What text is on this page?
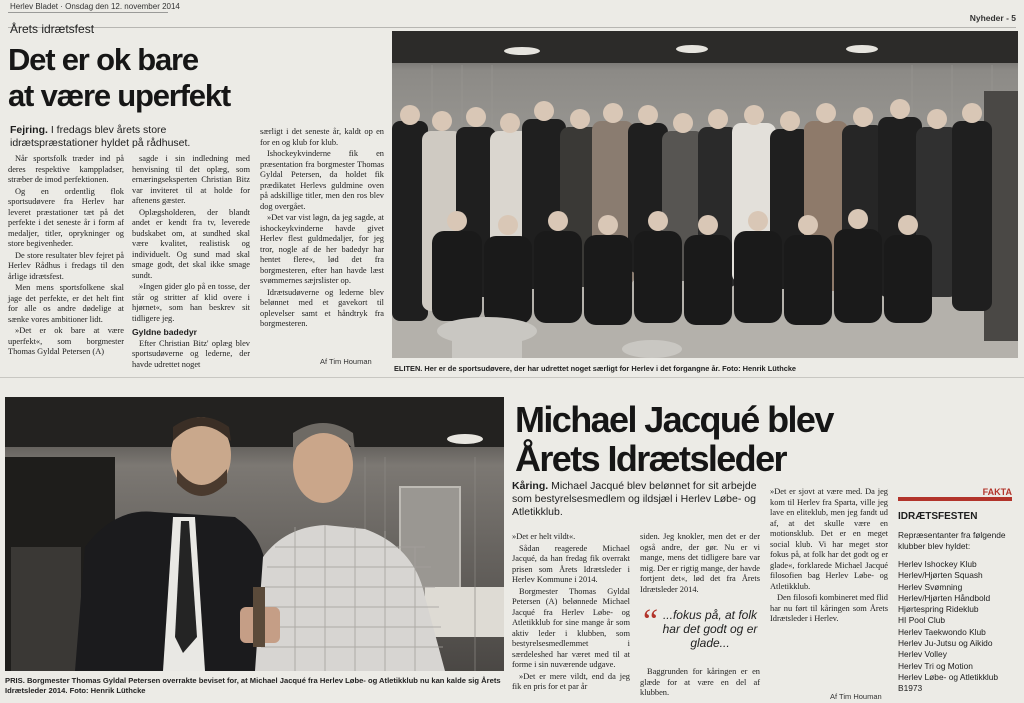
Herlev Bladet · Onsdag den 12. november 2014
Nyheder - 5
Årets idrætsfest
Det er ok bare
at være uperfekt
Fejring. I fredags blev årets store idrætspræstationer hyldet på rådhuset.

Når sportsfolk træder ind på deres respektive kamppladser, stræber de imod perfektionen.

Og en ordentlig flok sportsudøvere fra Herlev har leveret præstationer tæt på det perfekte i det seneste år i form af medaljer, titler, oprykninger og store begivenheder.

De store resultater blev fejret på Herlev Rådhus i fredags til den årlige idrætsfest.

Men mens sportsfolkene skal jage det perfekte, er det helt fint for alle os andre dødelige at sænke vores ambitioner lidt.

»Det er ok bare at være uperfekt«, som borgmester Thomas Gyldal Petersen (A)

sagde i sin indledning med henvisning til det oplæg, som ernæringseksperten Christian Bitz var inviteret til at holde for aftenens gæster.

Oplægsholderen, der blandt andet er kendt fra tv, leverede budskabet om, at sundhed skal være kvalitet, realistisk og individuelt. Og sund mad skal smage godt, det skal ikke smage sundt.

»Ingen gider glo på en tosse, der står og stritter af klid overe i hjørnet«, som han beskrev sit tidligere jeg.

Gyldne badedyr

Efter Christian Bitz' oplæg blev sportsudøverne og lederne, der havde udrettet noget

særligt i det seneste år, kaldt op en for en og klub for klub.

Ishockeykvinderne fik en præsentation fra borgmester Thomas Gyldal Petersen, da holdet fik prædikatet Herlevs guldmine oven på adskillige titler, men den ros blev dog overgået.

»Det var vist løgn, da jeg sagde, at ishockeykvinderne havde givet Herlev flest guldmedaljer, for jeg tror, nogle af de her badedyr har hentet flere«, lød det fra borgmesteren, efter han havde læst svømmernes sæjrslister op.

Idrætsudøverne og lederne blev belønnet med et gavekort til oplevelser samt et håndtryk fra borgmesteren.

Af Tim Houman
ELITEN. Her er de sportsudøvere, der har udrettet noget særligt for Herlev i det forgangne år. Foto: Henrik Lüthcke
PRIS. Borgmester Thomas Gyldal Petersen overrakte beviset for, at Michael Jacqué fra Herlev Løbe- og Atletikklub nu kan kalde sig Årets Idrætsleder 2014. Foto: Henrik Lüthcke
Michael Jacqué blev
Årets Idrætsleder
Kåring. Michael Jacqué blev belønnet for sit arbejde som bestyrelsesmedlem og ildsjæl i Herlev Løbe- og Atletikklub.

»Det er helt vildt«.

Sådan reagerede Michael Jacqué, da han fredag fik overrakt prisen som Årets Idrætsleder i Herlev Kommune i 2014.

Borgmester Thomas Gyldal Petersen (A) belønnede Michael Jacqué fra Herlev Løbe- og Atletikklub for sine mange år som aktiv leder i klubben, som bestyrelsesmedlemmet i særdeleshed har været med til at forme i sin nuværende udgave.

»Det er mere vildt, end da jeg fik en pris for et par år

siden. Jeg knokler, men det er der også andre, der gør. Nu er vi mange, mens det tidligere bare var mig. Der er rigtig mange, der havde fortjent det«, lød det fra Årets Idrætsleder 2014.

“ ...fokus på, at folk har det godt og er glade...

Baggrunden for kåringen er en glæde for at være en del af klubben.

»Det er sjovt at være med. Da jeg kom til Herlev fra Sparta, ville jeg lave en eliteklub, men jeg fandt ud af, at det skulle være en motionsklub. Det er en meget social klub. Vi har meget stor fokus på, at folk har det godt og er glade«, forklarede Michael Jacqué filosofien bag Herlev Løbe- og Atletikklub.

Den filosofi kombineret med flid har nu ført til kåringen som Årets Idrætsleder i Herlev.

Af Tim Houman
FAKTA
IDRÆTSFESTEN
Repræsentanter fra følgende klubber blev hyldet:
Herlev Ishockey Klub
Herlev/Hjørten Squash
Herlev Svømning
Herlev/Hjørten Håndbold
Hjørtespring Rideklub
HI Pool Club
Herlev Taekwondo Klub
Herlev Ju-Jutsu og Aikido
Herlev Volley
Herlev Tri og Motion
Herlev Løbe- og Atletikklub
B1973
